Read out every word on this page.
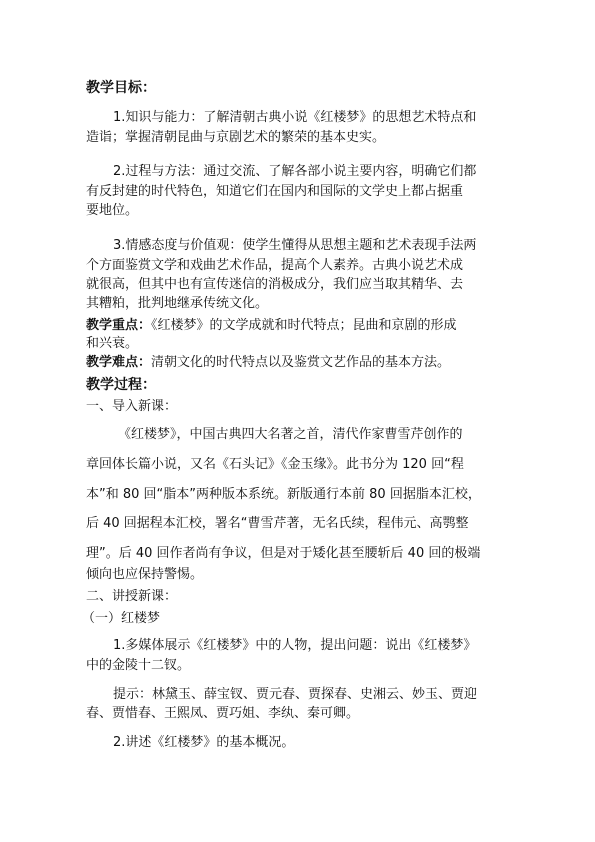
教学目标：
1.知识与能力：了解清朝古典小说《红楼梦》的思想艺术特点和
造诣；掌握清朝昆曲与京剧艺术的繁荣的基本史实。
2.过程与方法：通过交流、了解各部小说主要内容，明确它们都
有反封建的时代特色，知道它们在国内和国际的文学史上都占据重
要地位。
3.情感态度与价值观：使学生懂得从思想主题和艺术表现手法两
个方面鉴赏文学和戏曲艺术作品，提高个人素养。古典小说艺术成
就很高，但其中也有宣传迷信的消极成分，我们应当取其精华、去
其糟粕，批判地继承传统文化。
教学重点：《红楼梦》的文学成就和时代特点；昆曲和京剧的形成
和兴衰。
教学难点：清朝文化的时代特点以及鉴赏文艺作品的基本方法。
教学过程：
一、导入新课：
《红楼梦》，中国古典四大名著之首，清代作家曹雪芹创作的
章回体长篇小说，又名《石头记》《金玉缘》。此书分为 120 回“程
本”和 80 回“脂本”两种版本系统。新版通行本前 80 回据脂本汇校，
后 40 回据程本汇校，署名“曹雪芹著，无名氏续，程伟元、高鹗整
理”。后 40 回作者尚有争议，但是对于矮化甚至腰斩后 40 回的极端
倾向也应保持警惕。
二、讲授新课：
（一）红楼梦
1.多媒体展示《红楼梦》中的人物，提出问题：说出《红楼梦》
中的金陵十二钗。
提示：林黛玉、薛宝钗、贾元春、贾探春、史湘云、妙玉、贾迎
春、贾惜春、王熙凤、贾巧姐、李纨、秦可卿。
2.讲述《红楼梦》的基本概况。
